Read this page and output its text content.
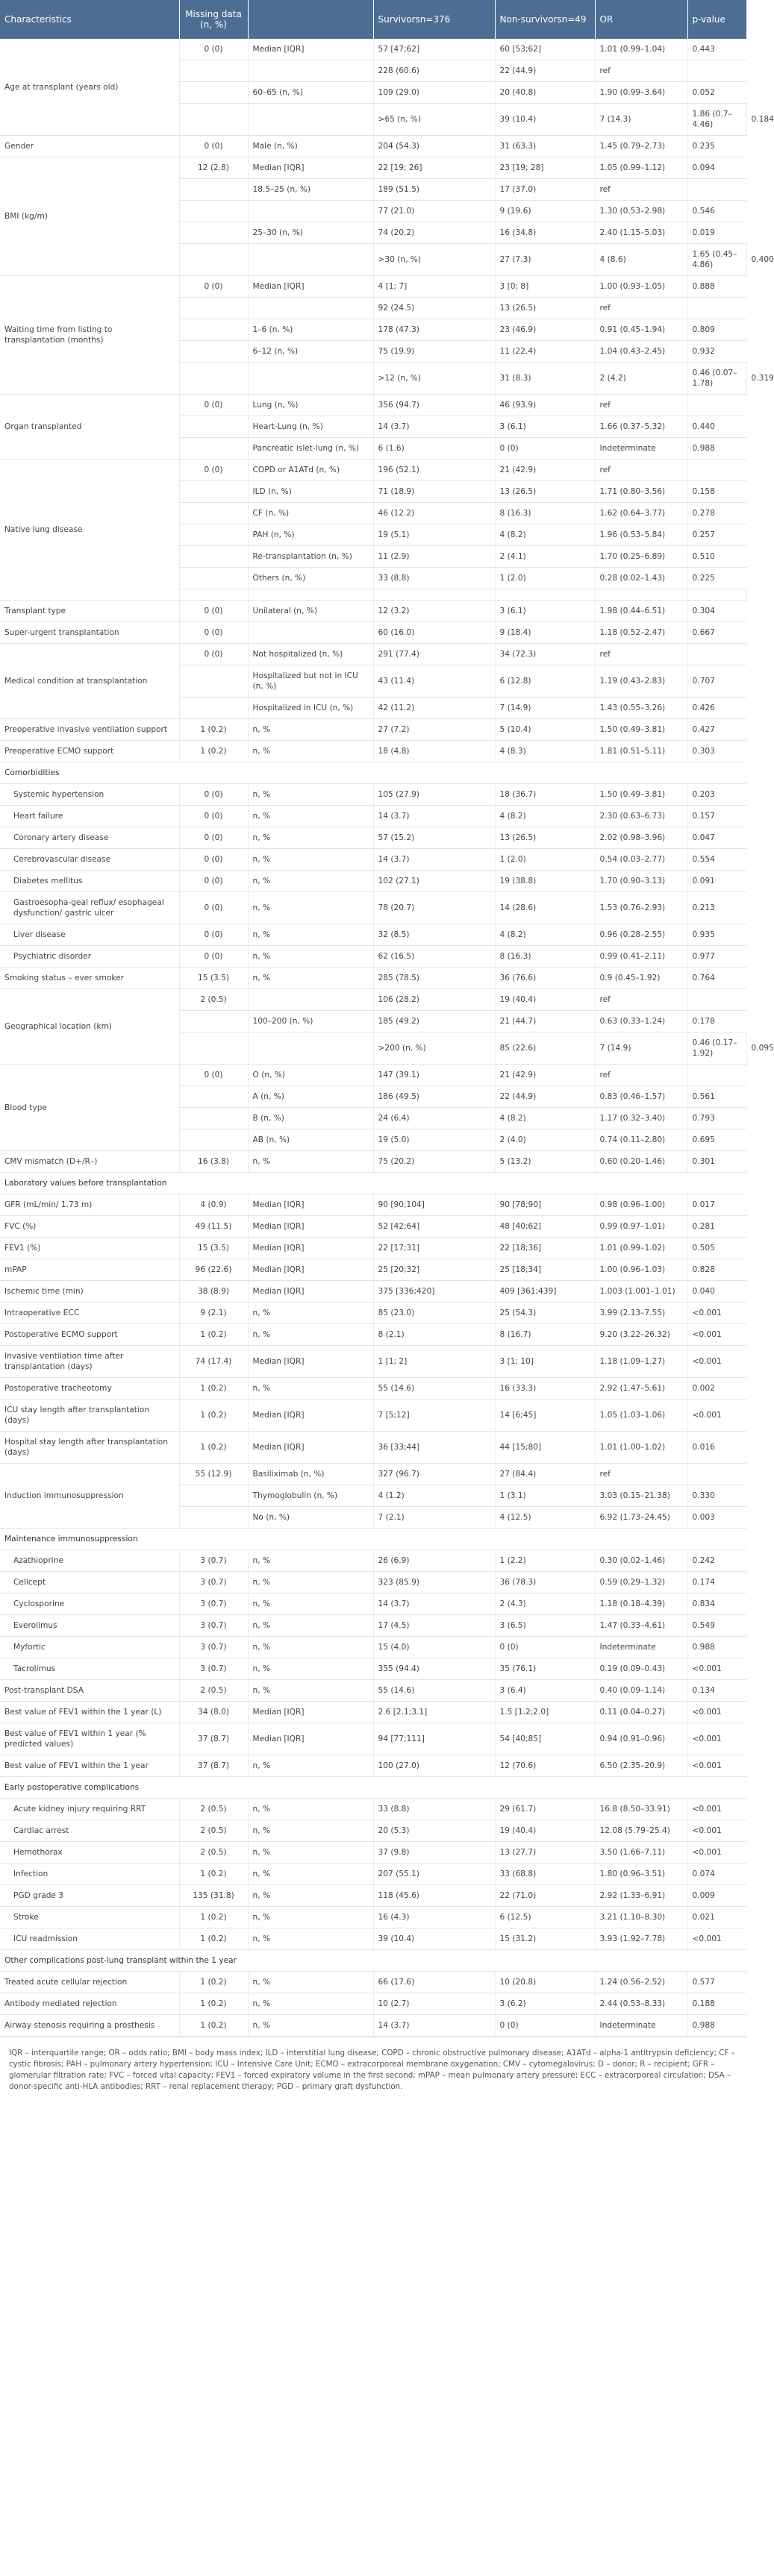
Characteristics	Missing data (n, %)		Survivorsn=376	Non-survivorsn=49	OR	p-value	
Age at transplant (years old)	0 (0)	Median [IQR]	57 [47;62]	60 [53;62]	1.01 (0.99–1.04)	0.443	
			228 (60.6)	22 (44.9)	ref		
		60–65 (n, %)	109 (29.0)	20 (40.8)	1.90 (0.99–3.64)	0.052	
			>65 (n, %)	39 (10.4)	7 (14.3)	1.86 (0.7–4.46)	0.184
Gender	0 (0)	Male (n, %)	204 (54.3)	31 (63.3)	1.45 (0.79–2.73)	0.235	
BMI (kg/m)	12 (2.8)	Median [IQR]	22 [19; 26]	23 [19; 28]	1.05 (0.99–1.12)	0.094	
		18.5–25 (n, %)	189 (51.5)	17 (37.0)	ref		
			77 (21.0)	9 (19.6)	1.30 (0.53–2.98)	0.546	
		25–30 (n, %)	74 (20.2)	16 (34.8)	2.40 (1.15–5.03)	0.019	
			>30 (n, %)	27 (7.3)	4 (8.6)	1.65 (0.45–4.86)	0.400
Waiting time from listing to transplantation (months)	0 (0)	Median [IQR]	4 [1; 7]	3 [0; 8]	1.00 (0.93–1.05)	0.888	
			92 (24.5)	13 (26.5)	ref		
		1–6 (n, %)	178 (47.3)	23 (46.9)	0.91 (0.45–1.94)	0.809	
		6–12 (n, %)	75 (19.9)	11 (22.4)	1.04 (0.43–2.45)	0.932	
			>12 (n, %)	31 (8.3)	2 (4.2)	0.46 (0.07–1.78)	0.319
Organ transplanted	0 (0)	Lung (n, %)	356 (94.7)	46 (93.9)	ref		
		Heart-Lung (n, %)	14 (3.7)	3 (6.1)	1.66 (0.37–5.32)	0.440	
		Pancreatic islet-lung (n, %)	6 (1.6)	0 (0)	Indeterminate	0.988	
Native lung disease	0 (0)	COPD or A1ATd (n, %)	196 (52.1)	21 (42.9)	ref		
		ILD (n, %)	71 (18.9)	13 (26.5)	1.71 (0.80–3.56)	0.158	
		CF (n, %)	46 (12.2)	8 (16.3)	1.62 (0.64–3.77)	0.278	
		PAH (n, %)	19 (5.1)	4 (8.2)	1.96 (0.53–5.84)	0.257	
		Re-transplantation (n, %)	11 (2.9)	2 (4.1)	1.70 (0.25–6.89)	0.510	
		Others (n, %)	33 (8.8)	1 (2.0)	0.28 (0.02–1.43)	0.225	

Transplant type	0 (0)	Unilateral (n, %)	12 (3.2)	3 (6.1)	1.98 (0.44–6.51)	0.304	
Super-urgent transplantation	0 (0)		60 (16.0)	9 (18.4)	1.18 (0.52–2.47)	0.667	
Medical condition at transplantation	0 (0)	Not hospitalized (n, %)	291 (77.4)	34 (72.3)	ref		
		Hospitalized but not in ICU (n, %)	43 (11.4)	6 (12.8)	1.19 (0.43–2.83)	0.707	
		Hospitalized in ICU (n, %)	42 (11.2)	7 (14.9)	1.43 (0.55–3.26)	0.426	
Preoperative invasive ventilation support	1 (0.2)	n, %	27 (7.2)	5 (10.4)	1.50 (0.49–3.81)	0.427	
Preoperative ECMO support	1 (0.2)	n, %	18 (4.8)	4 (8.3)	1.81 (0.51–5.11)	0.303	
Comorbidities							
Systemic hypertension	0 (0)	n, %	105 (27.9)	18 (36.7)	1.50 (0.49–3.81)	0.203	
Heart failure	0 (0)	n, %	14 (3.7)	4 (8.2)	2.30 (0.63–6.73)	0.157	
Coronary artery disease	0 (0)	n, %	57 (15.2)	13 (26.5)	2.02 (0.98–3.96)	0.047	
Cerebrovascular disease	0 (0)	n, %	14 (3.7)	1 (2.0)	0.54 (0.03–2.77)	0.554	
Diabetes mellitus	0 (0)	n, %	102 (27.1)	19 (38.8)	1.70 (0.90–3.13)	0.091	
Gastroesopha-geal reflux/ esophageal dysfunction/ gastric ulcer	0 (0)	n, %	78 (20.7)	14 (28.6)	1.53 (0.76–2.93)	0.213	
Liver disease	0 (0)	n, %	32 (8.5)	4 (8.2)	0.96 (0.28–2.55)	0.935	
Psychiatric disorder	0 (0)	n, %	62 (16.5)	8 (16.3)	0.99 (0.41–2.11)	0.977	
Smoking status – ever smoker	15 (3.5)	n, %	285 (78.5)	36 (76.6)	0.9 (0.45–1.92)	0.764	
Geographical location (km)	2 (0.5)		106 (28.2)	19 (40.4)	ref		
		100–200 (n, %)	185 (49.2)	21 (44.7)	0.63 (0.33–1.24)	0.178	
			>200 (n, %)	85 (22.6)	7 (14.9)	0.46 (0.17–1.92)	0.095
Blood type	0 (0)	O (n, %)	147 (39.1)	21 (42.9)	ref		
		A (n, %)	186 (49.5)	22 (44.9)	0.83 (0.46–1.57)	0.561	
		B (n, %)	24 (6.4)	4 (8.2)	1.17 (0.32–3.40)	0.793	
		AB (n, %)	19 (5.0)	2 (4.0)	0.74 (0.11–2.80)	0.695	
CMV mismatch (D+/R–)	16 (3.8)	n, %	75 (20.2)	5 (13.2)	0.60 (0.20–1.46)	0.301	
Laboratory values before transplantation							
GFR (mL/min/ 1.73 m)	4 (0.9)	Median [IQR]	90 [90;104]	90 [78;90]	0.98 (0.96–1.00)	0.017	
FVC (%)	49 (11.5)	Median [IQR]	52 [42;64]	48 [40;62]	0.99 (0.97–1.01)	0.281	
FEV1 (%)	15 (3.5)	Median [IQR]	22 [17;31]	22 [18;36]	1.01 (0.99–1.02)	0.505	
mPAP	96 (22.6)	Median [IQR]	25 [20;32]	25 [18;34]	1.00 (0.96–1.03)	0.828	
Ischemic time (min)	38 (8.9)	Median [IQR]	375 [336;420]	409 [361;439]	1.003 (1.001–1.01)	0.040	
Intraoperative ECC	9 (2.1)	n, %	85 (23.0)	25 (54.3)	3.99 (2.13–7.55)	<0.001	
Postoperative ECMO support	1 (0.2)	n, %	8 (2.1)	8 (16.7)	9.20 (3.22–26.32)	<0.001	
Invasive ventilation time after transplantation (days)	74 (17.4)	Median [IQR]	1 [1; 2]	3 [1; 10]	1.18 (1.09–1.27)	<0.001	
Postoperative tracheotomy	1 (0.2)	n, %	55 (14.6)	16 (33.3)	2.92 (1.47–5.61)	0.002	
ICU stay length after transplantation (days)	1 (0.2)	Median [IQR]	7 [5;12]	14 [6;45]	1.05 (1.03–1.06)	<0.001	
Hospital stay length after transplantation (days)	1 (0.2)	Median [IQR]	36 [33;44]	44 [15;80]	1.01 (1.00–1.02)	0.016	
Induction immunosuppression	55 (12.9)	Basiliximab (n, %)	327 (96.7)	27 (84.4)	ref		
		Thymoglobulin (n, %)	4 (1.2)	1 (3.1)	3.03 (0.15–21.38)	0.330	
		No (n, %)	7 (2.1)	4 (12.5)	6.92 (1.73–24.45)	0.003	
Maintenance immunosuppression							
Azathioprine	3 (0.7)	n, %	26 (6.9)	1 (2.2)	0.30 (0.02–1.46)	0.242	
Cellcept	3 (0.7)	n, %	323 (85.9)	36 (78.3)	0.59 (0.29–1.32)	0.174	
Cyclosporine	3 (0.7)	n, %	14 (3.7)	2 (4.3)	1.18 (0.18–4.39)	0.834	
Everolimus	3 (0.7)	n, %	17 (4.5)	3 (6.5)	1.47 (0.33–4.61)	0.549	
Myfortic	3 (0.7)	n, %	15 (4.0)	0 (0)	Indeterminate	0.988	
Tacrolimus	3 (0.7)	n, %	355 (94.4)	35 (76.1)	0.19 (0.09–0.43)	<0.001	
Post-transplant DSA	2 (0.5)	n, %	55 (14.6)	3 (6.4)	0.40 (0.09–1.14)	0.134	
Best value of FEV1 within the 1 year (L)	34 (8.0)	Median [IQR]	2.6 [2.1;3.1]	1.5 [1.2;2.0]	0.11 (0.04–0.27)	<0.001	
Best value of FEV1 within 1 year (% predicted values)	37 (8.7)	Median [IQR]	94 [77;111]	54 [40;85]	0.94 (0.91–0.96)	<0.001	
Best value of FEV1 within the 1 year	37 (8.7)	n, %	100 (27.0)	12 (70.6)	6.50 (2.35–20.9)	<0.001	
Early postoperative complications							
Acute kidney injury requiring RRT	2 (0.5)	n, %	33 (8.8)	29 (61.7)	16.8 (8.50–33.91)	<0.001	
Cardiac arrest	2 (0.5)	n, %	20 (5.3)	19 (40.4)	12.08 (5.79–25.4)	<0.001	
Hemothorax	2 (0.5)	n, %	37 (9.8)	13 (27.7)	3.50 (1.66–7.11)	<0.001	
Infection	1 (0.2)	n, %	207 (55.1)	33 (68.8)	1.80 (0.96–3.51)	0.074	
PGD grade 3	135 (31.8)	n, %	118 (45.6)	22 (71.0)	2.92 (1.33–6.91)	0.009	
Stroke	1 (0.2)	n, %	16 (4.3)	6 (12.5)	3.21 (1.10–8.30)	0.021	
ICU readmission	1 (0.2)	n, %	39 (10.4)	15 (31.2)	3.93 (1.92–7.78)	<0.001	
Other complications post-lung transplant within the 1 year							
Treated acute cellular rejection	1 (0.2)	n, %	66 (17.6)	10 (20.8)	1.24 (0.56–2.52)	0.577	
Antibody mediated rejection	1 (0.2)	n, %	10 (2.7)	3 (6.2)	2.44 (0.53–8.33)	0.188	
Airway stenosis requiring a prosthesis	1 (0.2)	n, %	14 (3.7)	0 (0)	Indeterminate	0.988	
IQR – interquartile range; OR – odds ratio; BMI – body mass index; ILD – interstitial lung disease; COPD – chronic obstructive pulmonary disease; A1ATd – alpha-1 antitrypsin deficiency; CF – cystic fibrosis; PAH – pulmonary artery hypertension; ICU – Intensive Care Unit; ECMO – extracorporeal membrane oxygenation; CMV – cytomegalovirus; D – donor; R – recipient; GFR – glomerular filtration rate; FVC – forced vital capacity; FEV1 – forced expiratory volume in the first second; mPAP – mean pulmonary artery pressure; ECC – extracorporeal circulation; DSA – donor-specific anti-HLA antibodies; RRT – renal replacement therapy; PGD – primary graft dysfunction.
